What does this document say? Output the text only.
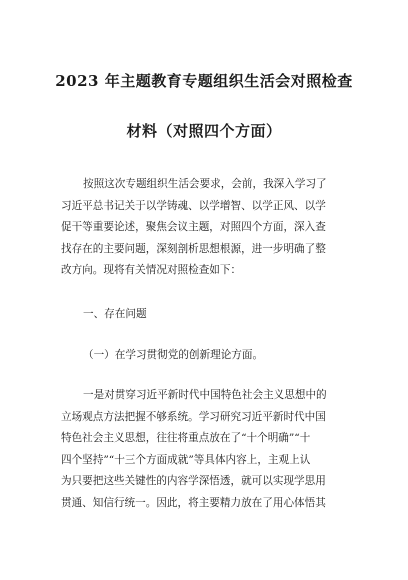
2023 年主题教育专题组织生活会对照检查
材料（对照四个方面）
按照这次专题组织生活会要求，会前，我深入学习了
习近平总书记关于以学铸魂、以学增智、以学正风、以学
促干等重要论述，聚焦会议主题，对照四个方面，深入查
找存在的主要问题，深刻剖析思想根源，进一步明确了整
改方向。现将有关情况对照检查如下：
一、存在问题
（一）在学习贯彻党的创新理论方面。
一是对贯穿习近平新时代中国特色社会主义思想中的
立场观点方法把握不够系统。学习研究习近平新时代中国
特色社会主义思想，往往将重点放在了“十个明确”“十
四个坚持”“十三个方面成就”等具体内容上，主观上认
为只要把这些关键性的内容学深悟透，就可以实现学思用
贯通、知信行统一。因此，将主要精力放在了用心体悟其
